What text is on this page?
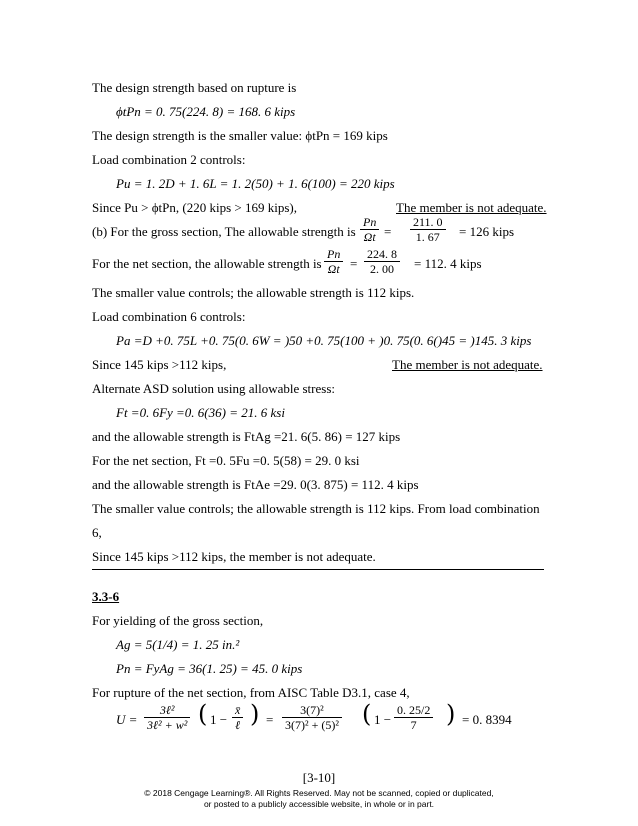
The design strength based on rupture is
ϕtPn = 0. 75(224. 8) = 168. 6 kips
The design strength is the smaller value: ϕtPn = 169 kips
Load combination 2 controls:
Pu = 1. 2D + 1. 6L = 1. 2(50) + 1. 6(100) = 220 kips
Since Pu > ϕtPn, (220 kips > 169 kips),	The member is not adequate.
(b) For the gross section, The allowable strength is $\frac{Pn}{\Omega t} = \frac{211. 0}{1. 67} = 126$ kips
For the net section, the allowable strength is $\frac{Pn}{\Omega t} = \frac{224. 8}{2. 00} = 112$. 4 kips
The smaller value controls; the allowable strength is 112 kips.
Load combination 6 controls:
Pa =D +0. 75L +0. 75(0. 6W = )50 +0. 75(100 + )0. 75(0. 6()45 = )145. 3 kips
Since 145 kips >112 kips,	The member is not adequate.
Alternate ASD solution using allowable stress:
Ft =0. 6Fy =0. 6(36) = 21. 6 ksi
and the allowable strength is FtAg =21. 6(5. 86) = 127 kips
For the net section, Ft =0. 5Fu =0. 5(58) = 29. 0 ksi
and the allowable strength is FtAe =29. 0(3. 875) = 112. 4 kips
The smaller value controls; the allowable strength is 112 kips. From load combination
6,
Since 145 kips >112 kips, the member is not adequate.
3.3-6
For yielding of the gross section,
Ag = 5(1/4) = 1. 25 in.²
Pn = FyAg = 36(1. 25) = 45. 0 kips
For rupture of the net section, from AISC Table D3.1, case 4,
U =
3ℓ²
3ℓ² + w² ( 1 −
x̄
ℓ ) = $\frac{\text{3(7)²}}{\text{3(7)² + (5)²}}$ ( $1 - \frac{0. 25/2}{7}$ ) = 0. 8394
[3-10]
© 2018 Cengage Learning®. All Rights Reserved. May not be scanned, copied or duplicated,
or posted to a publicly accessible website, in whole or in part.
